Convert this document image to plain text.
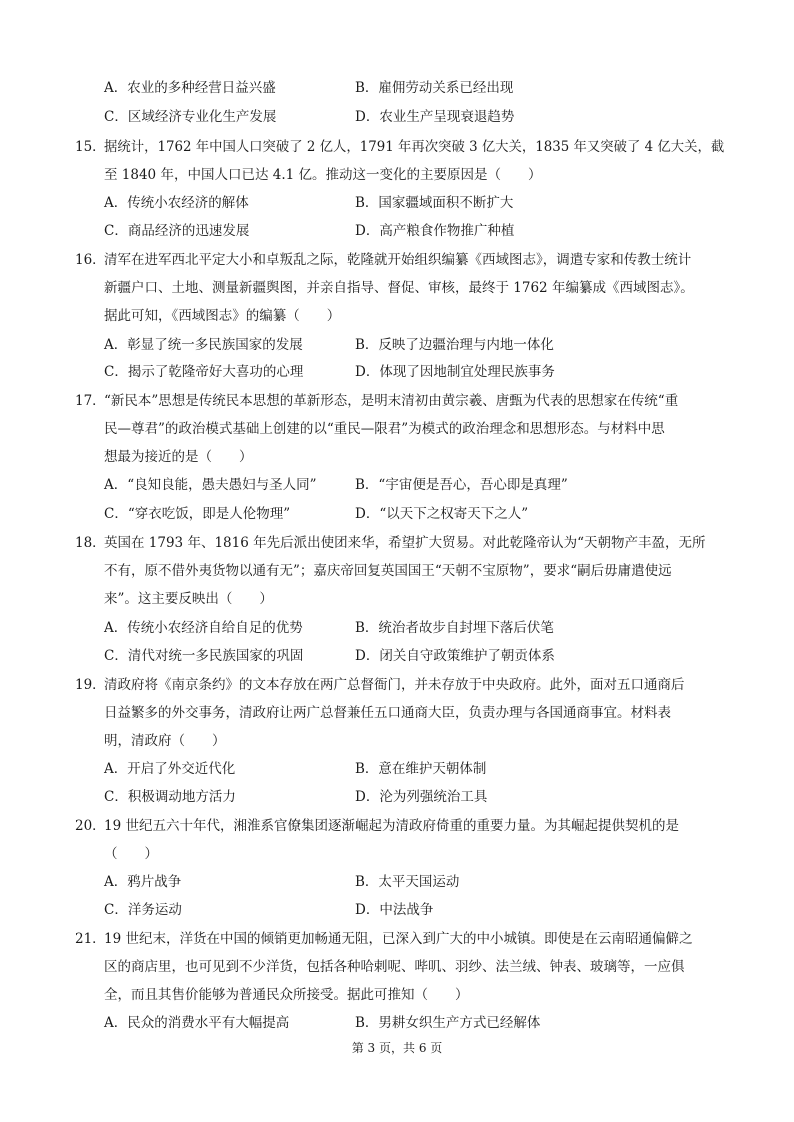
A．农业的多种经营日益兴盛	B．雇佣劳动关系已经出现
C．区域经济专业化生产发展	D．农业生产呈现衰退趋势
15．
据统计，1762 年中国人口突破了 2 亿人，1791 年再次突破 3 亿大关，1835 年又突破了 4 亿大关，截
至 1840 年，中国人口已达 4.1 亿。推动这一变化的主要原因是（　　）
A．传统小农经济的解体	B．国家疆域面积不断扩大
C．商品经济的迅速发展	D．高产粮食作物推广种植
16．
清军在进军西北平定大小和卓叛乱之际，乾隆就开始组织编纂《西域图志》，调遣专家和传教士统计
新疆户口、土地、测量新疆舆图，并亲自指导、督促、审核，最终于 1762 年编纂成《西域图志》。
据此可知，《西域图志》的编纂（　　）
A．彰显了统一多民族国家的发展	B．反映了边疆治理与内地一体化
C．揭示了乾隆帝好大喜功的心理	D．体现了因地制宜处理民族事务
17．
“新民本”思想是传统民本思想的革新形态，是明末清初由黄宗羲、唐甄为代表的思想家在传统“重
民—尊君”的政治模式基础上创建的以“重民—限君”为模式的政治理念和思想形态。与材料中思
想最为接近的是（　　）
A．“良知良能，愚夫愚妇与圣人同”	B．“宇宙便是吾心，吾心即是真理”
C．“穿衣吃饭，即是人伦物理”	D．“以天下之权寄天下之人”
18．
英国在 1793 年、1816 年先后派出使团来华，希望扩大贸易。对此乾隆帝认为“天朝物产丰盈，无所
不有，原不借外夷货物以通有无”；嘉庆帝回复英国国王“天朝不宝原物”，要求“嗣后毋庸遣使远
来”。这主要反映出（　　）
A．传统小农经济自给自足的优势	B．统治者故步自封埋下落后伏笔
C．清代对统一多民族国家的巩固	D．闭关自守政策维护了朝贡体系
19．
清政府将《南京条约》的文本存放在两广总督衙门，并未存放于中央政府。此外，面对五口通商后
日益繁多的外交事务，清政府让两广总督兼任五口通商大臣，负责办理与各国通商事宜。材料表
明，清政府（　　）
A．开启了外交近代化	B．意在维护天朝体制
C．积极调动地方活力	D．沦为列强统治工具
20．
19 世纪五六十年代，湘淮系官僚集团逐渐崛起为清政府倚重的重要力量。为其崛起提供契机的是
（　　）
A．鸦片战争	B．太平天国运动
C．洋务运动	D．中法战争
21．
19 世纪末，洋货在中国的倾销更加畅通无阻，已深入到广大的中小城镇。即使是在云南昭通偏僻之
区的商店里，也可见到不少洋货，包括各种哈剌呢、哔叽、羽纱、法兰绒、钟表、玻璃等，一应俱
全，而且其售价能够为普通民众所接受。据此可推知（　　）
A．民众的消费水平有大幅提高	B．男耕女织生产方式已经解体
第 3 页，共 6 页
